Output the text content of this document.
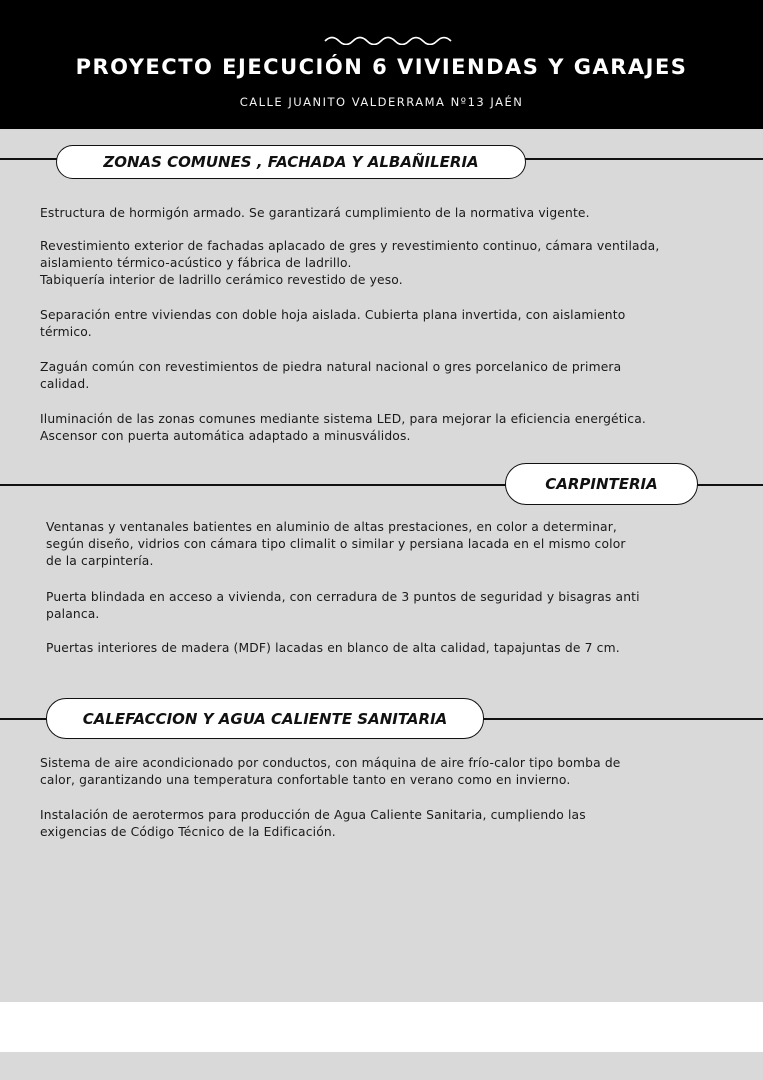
PROYECTO EJECUCIÓN 6 VIVIENDAS Y GARAJES
CALLE JUANITO VALDERRAMA Nº13 JAÉN
ZONAS COMUNES , FACHADA Y ALBAÑILERIA
Estructura de hormigón armado. Se garantizará cumplimiento de la normativa vigente.
Revestimiento exterior de fachadas aplacado de gres y revestimiento continuo, cámara ventilada,
aislamiento térmico-acústico y fábrica de ladrillo.
Tabiquería interior de ladrillo cerámico revestido de yeso.
Separación entre viviendas con doble hoja aislada. Cubierta plana invertida, con aislamiento
térmico.
Zaguán común con revestimientos de piedra natural nacional o gres porcelanico de primera
calidad.
Iluminación de las zonas comunes mediante sistema LED, para mejorar la eficiencia energética.
Ascensor con puerta automática adaptado a minusválidos.
CARPINTERIA
Ventanas y ventanales batientes en aluminio de altas prestaciones, en color a determinar,
según diseño, vidrios con cámara tipo climalit o similar y persiana lacada en el mismo color
de la carpintería.
Puerta blindada en acceso a vivienda, con cerradura de 3 puntos de seguridad y bisagras anti
palanca.
Puertas interiores de madera (MDF) lacadas en blanco de alta calidad, tapajuntas de 7 cm.
CALEFACCION Y AGUA CALIENTE SANITARIA
Sistema de aire acondicionado por conductos, con máquina de aire frío-calor tipo bomba de
calor, garantizando una temperatura confortable tanto en verano como en invierno.
Instalación de aerotermos para producción de Agua Caliente Sanitaria, cumpliendo las
exigencias de Código Técnico de la Edificación.
